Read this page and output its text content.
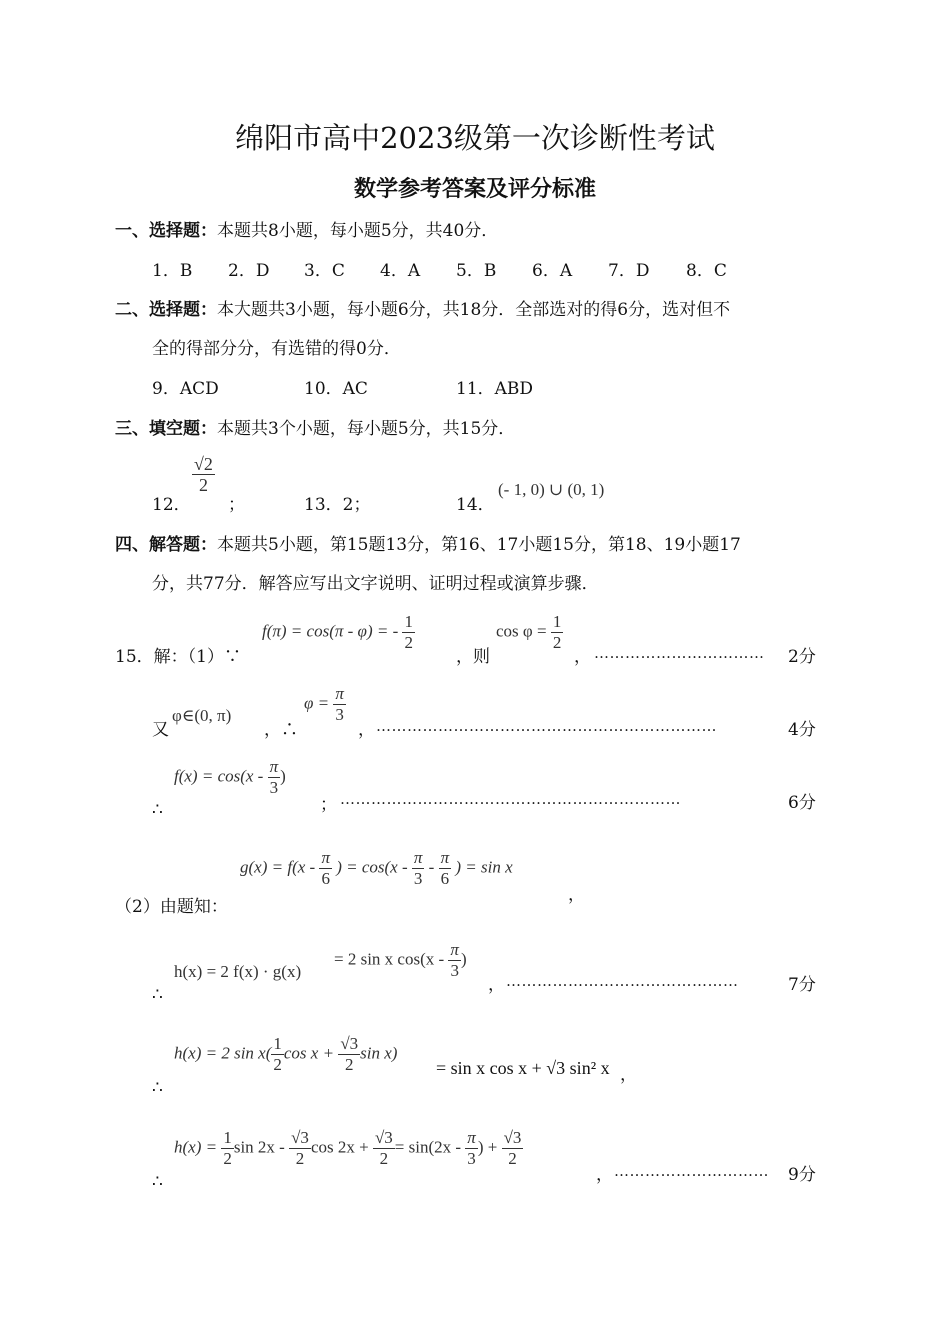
绵阳市高中2023级第一次诊断性考试
数学参考答案及评分标准
一、选择题：本题共8小题，每小题5分，共40分．
1．B 2．D 3．C 4．A 5．B 6．A 7．D 8．C
二、选择题：本大题共3小题，每小题6分，共18分．全部选对的得6分，选对但不
全的得部分分，有选错的得0分．
9．ACD	10．AC	11．ABD
三、填空题：本题共3个小题，每小题5分，共15分．
12．
$\frac{√2}{2}$
；	13．2；	14．
(- 1, 0) ∪ (0, 1)
四、解答题：本题共5小题，第15题13分，第16、17小题15分，第18、19小题17
分，共77分．解答应写出文字说明、证明过程或演算步骤．
15．解：（1）∵
f(π) = cos(π - φ) = - $\frac{1}{2}$
，则
$\cos \varphi = \frac{1}{2}$
， …………………………… 2分
又
φ∈(0, π)
，∴
$\varphi = \frac{\pi}{3}$
， …………………………………………………………	4分
∴
$f(x) = \cos(x - \frac{\pi}{3}$ )
； …………………………………………………………	6分
$g(x) = f(x - \frac{\pi}{6}$ ) = $\cos(x - \frac{\pi}{3} - \frac{\pi}{6}$ ) = sin x
，
（2）由题知：
∴
h(x) = 2 f(x) · g(x)
= 2 sin x $\cos(x - \frac{\pi}{3}$ )
， ………………………………………	7分
∴
h(x) = 2 $\sin x( \frac{1}{2}$ $\cos x + \frac{√3}{2}$ sin x)
= sin x cos x + √3 sin² x ，
∴
$h(x) = \frac{1}{2}$ $\sin 2x - \frac{√3}{2}$ $\cos 2x + \frac{√3}{2} = \sin(2x - \frac{\pi}{3}$ ) + $\frac{√3}{2}$
， ………………………… 9分
